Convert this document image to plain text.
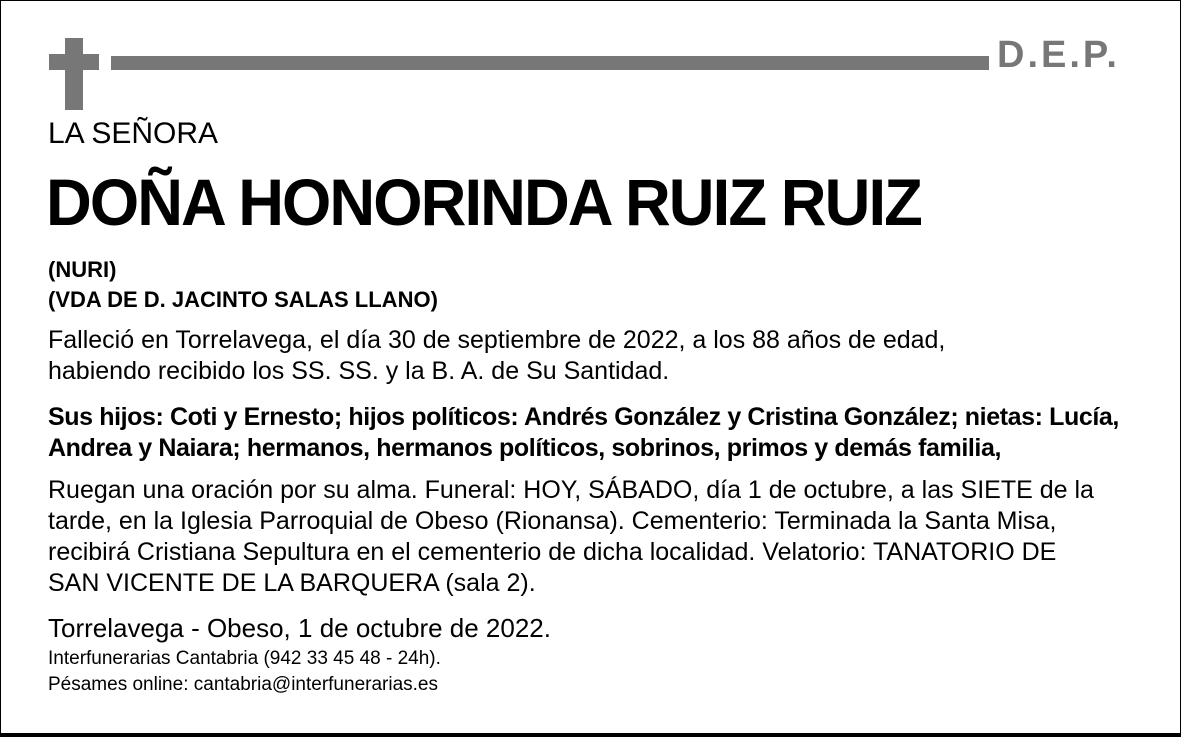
D.E.P.
LA SEÑORA
DOÑA HONORINDA RUIZ RUIZ
(NURI)
(VDA DE D. JACINTO SALAS LLANO)
Falleció en Torrelavega, el día 30 de septiembre de 2022, a los 88 años de edad,
habiendo recibido los SS. SS. y la B. A. de Su Santidad.
Sus hijos: Coti y Ernesto; hijos políticos: Andrés González y Cristina González; nietas: Lucía,
Andrea y Naiara; hermanos, hermanos políticos, sobrinos, primos y demás familia,
Ruegan una oración por su alma. Funeral: HOY, SÁBADO, día 1 de octubre, a las SIETE de la
tarde, en la Iglesia Parroquial de Obeso (Rionansa). Cementerio: Terminada la Santa Misa,
recibirá Cristiana Sepultura en el cementerio de dicha localidad. Velatorio: TANATORIO DE
SAN VICENTE DE LA BARQUERA (sala 2).
Torrelavega - Obeso, 1 de octubre de 2022.
Interfunerarias Cantabria (942 33 45 48 - 24h).
Pésames online: cantabria@interfunerarias.es
